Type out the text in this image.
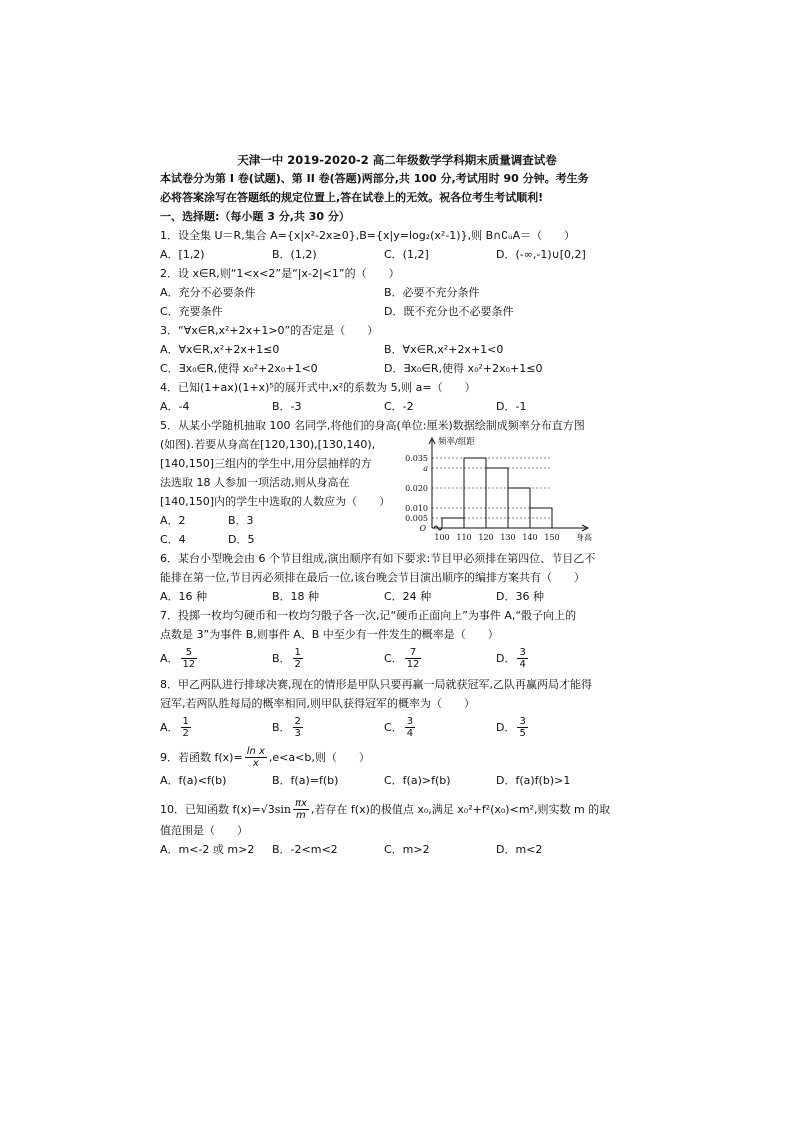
天津一中 2019-2020-2 高二年级数学学科期末质量调查试卷
本试卷分为第 I 卷(试题)、第 II 卷(答题)两部分,共 100 分,考试用时 90 分钟。考生务
必将答案涂写在答题纸的规定位置上,答在试卷上的无效。祝各位考生考试顺利!
一、选择题:（每小题 3 分,共 30 分）
1．设全集 U＝R,集合 A={x|x²-2x≥0},B={x|y=log₂(x²-1)},则 B∩∁ᵤA＝（　　）
A．[1,2)	B．(1,2)	C．(1,2]	D．(-∞,-1)∪[0,2]
2．设 x∈R,则“1<x<2”是“|x-2|<1”的（　　）
A．充分不必要条件	B．必要不充分条件
C．充要条件	D．既不充分也不必要条件
3．“∀x∈R,x²+2x+1>0”的否定是（　　）
A．∀x∈R,x²+2x+1≤0	B．∀x∈R,x²+2x+1<0
C．∃x₀∈R,使得 x₀²+2x₀+1<0	D．∃x₀∈R,使得 x₀²+2x₀+1≤0
4．已知(1+ax)(1+x)⁵的展开式中,x²的系数为 5,则 a=（　　）
A．-4	B．-3	C．-2	D．-1
5．从某小学随机抽取 100 名同学,将他们的身高(单位:厘米)数据绘制成频率分布直方图
(如图).若要从身高在[120,130),[130,140),
[140,150]三组内的学生中,用分层抽样的方
法选取 18 人参加一项活动,则从身高在
[140,150]内的学生中选取的人数应为（　　）
A．2	B．3
C．4	D．5
0.035
a
0.020
0.010
0.005
100 110 120 130 140 150
O
频率/组距
身高
6．某台小型晚会由 6 个节目组成,演出顺序有如下要求:节目甲必须排在第四位、节目乙不
能排在第一位,节目丙必须排在最后一位,该台晚会节目演出顺序的编排方案共有（　　）
A．16 种	B．18 种	C．24 种	D．36 种
7．投掷一枚均匀硬币和一枚均匀骰子各一次,记“硬币正面向上”为事件 A,“骰子向上的
点数是 3”为事件 B,则事件 A、B 中至少有一件发生的概率是（　　）
A． $\frac{5}{12}$	B． $\frac{1}{2}$	C． $\frac{7}{12}$	D． $\frac{3}{4}$
8．甲乙两队进行排球决赛,现在的情形是甲队只要再赢一局就获冠军,乙队再赢两局才能得
冠军,若两队胜每局的概率相同,则甲队获得冠军的概率为（　　）
A． $\frac{1}{2}$	B． $\frac{2}{3}$	C． $\frac{3}{4}$	D． $\frac{3}{5}$
9．若函数 $f(x)= \frac{\text{ln x}}{x} ,e<a<b$,则（　　）
A．f(a)<f(b)	B．f(a)=f(b)	C．f(a)>f(b)	D．f(a)f(b)>1
10．已知函数 $f(x)=√3\sin \frac{\pi x}{m}$ ,若存在 f(x)的极值点 x₀,满足 x₀²+f²(x₀)<m²,则实数 m 的取
值范围是（　　）
A．m<-2 或 m>2 B．-2<m<2	C．m>2	D．m<2
